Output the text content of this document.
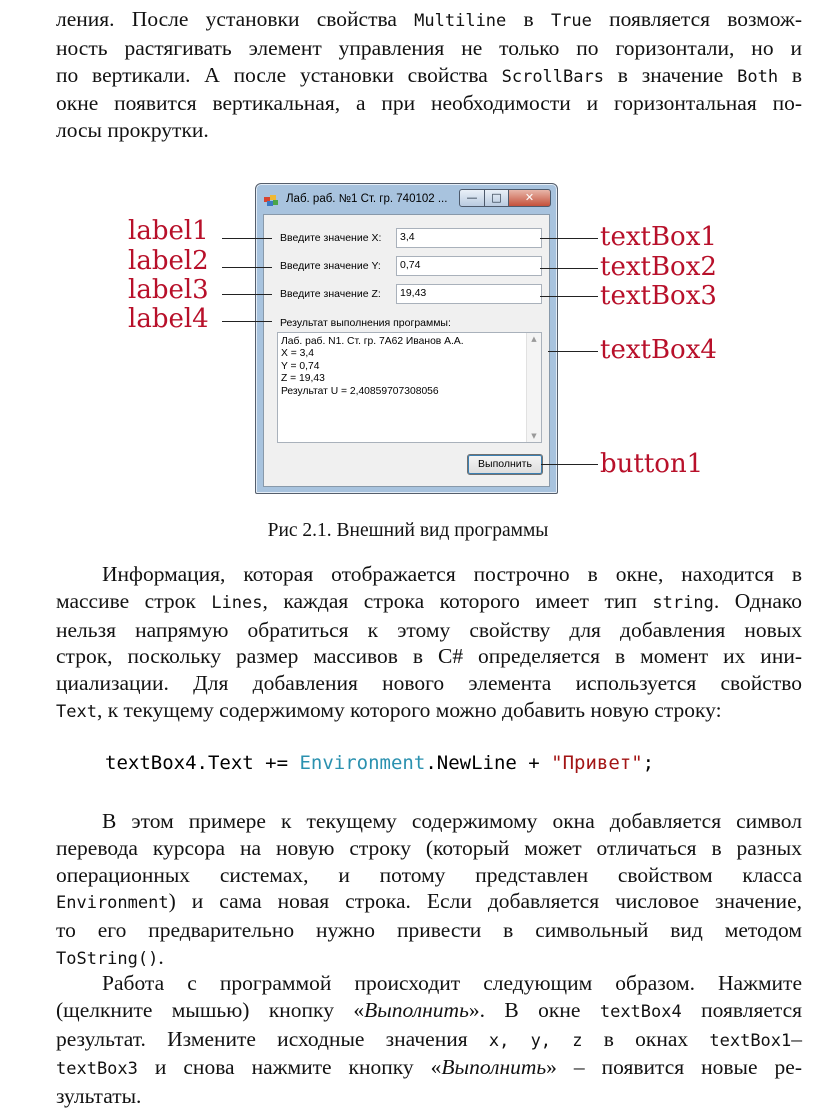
ления. После установки свойства Multiline в True появляется возмож-
ность растягивать элемент управления не только по горизонтали, но и
по вертикали. А после установки свойства ScrollBars в значение Both в
окне появится вертикальная, а при необходимости и горизонтальная по-
лосы прокрутки.
Лаб. раб. №1 Ст. гр. 740102 ...	—	□	✕
Введите значение X:	3,4
Введите значение Y:	0,74
Введите значение Z:	19,43
Результат выполнения программы:
Лаб. раб. N1. Ст. гр. 7А62 Иванов А.А.
X = 3,4
Y = 0,74
Z = 19,43
Результат U = 2,40859707308056
▲
▼
Выполнить
label1
label2
label3
label4
textBox1
textBox2
textBox3
textBox4
button1
Рис 2.1. Внешний вид программы
Информация, которая отображается построчно в окне, находится в
массиве строк Lines, каждая строка которого имеет тип string. Однако
нельзя напрямую обратиться к этому свойству для добавления новых
строк, поскольку размер массивов в C# определяется в момент их ини-
циализации. Для добавления нового элемента используется свойство
Text, к текущему содержимому которого можно добавить новую строку:
textBox4.Text += Environment.NewLine + "Привет";
В этом примере к текущему содержимому окна добавляется символ
перевода курсора на новую строку (который может отличаться в разных
операционных системах, и потому представлен свойством класса
Environment) и сама новая строка. Если добавляется числовое значение,
то его предварительно нужно привести в символьный вид методом
ToString().
Работа с программой происходит следующим образом. Нажмите
(щелкните мышью) кнопку «Выполнить». В окне textBox4 появляется
результат. Измените исходные значения x, y, z в окнах textBox1–
textBox3 и снова нажмите кнопку «Выполнить» – появится новые ре-
зультаты.
